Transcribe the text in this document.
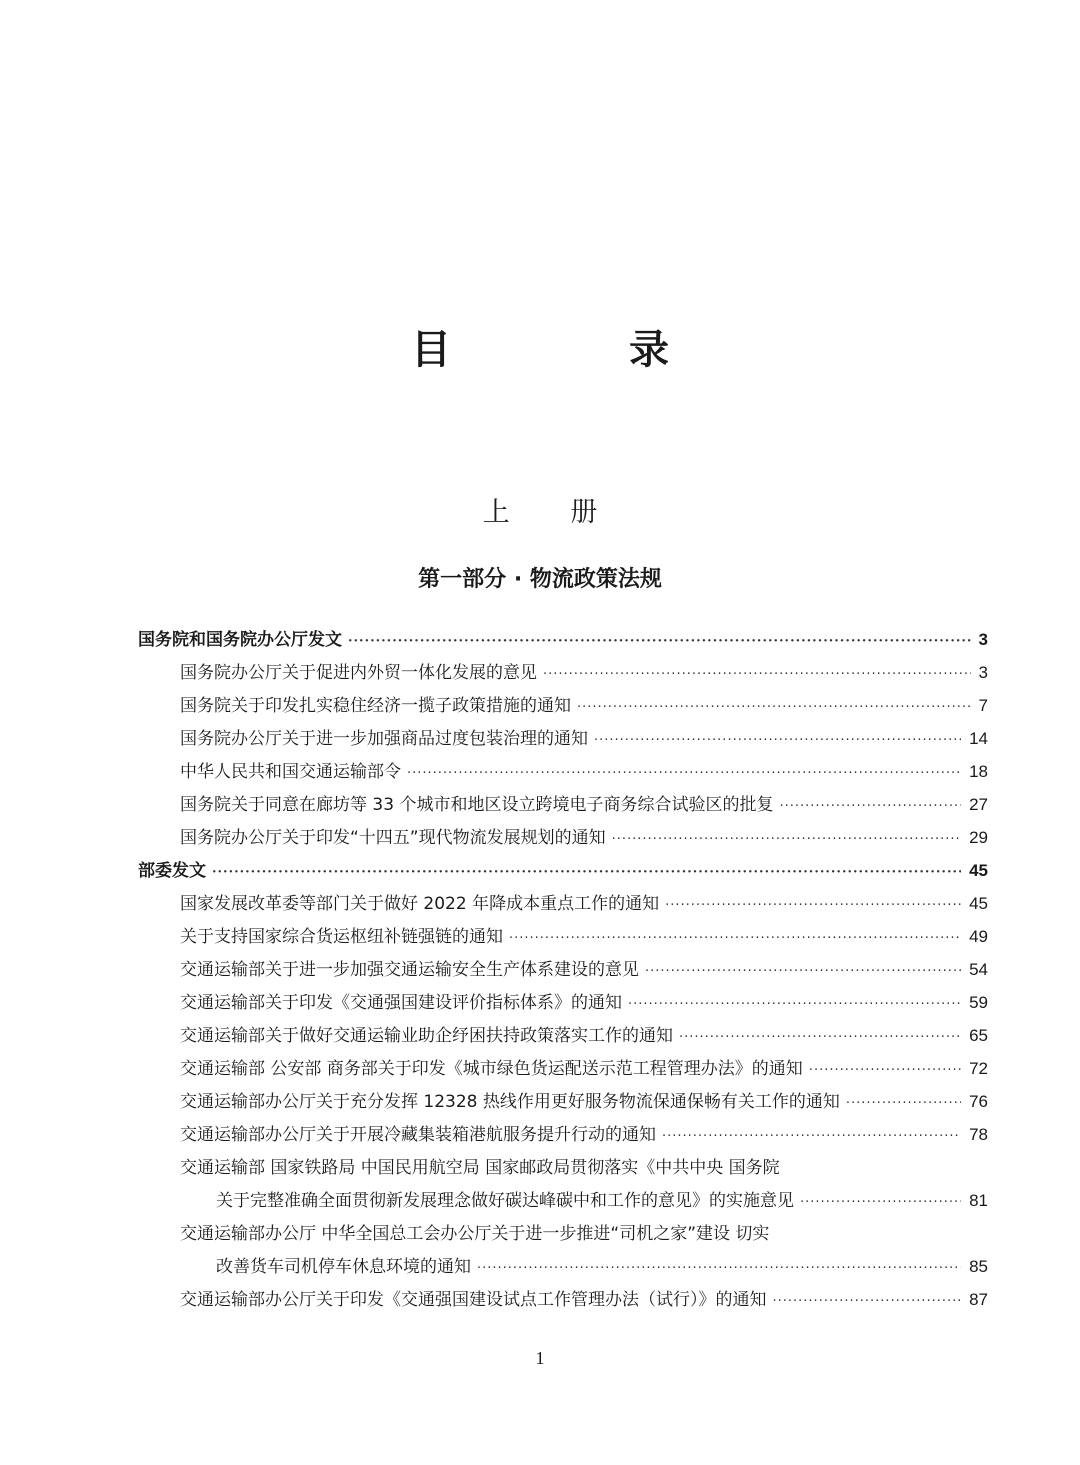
目 录
上 册
第一部分 · 物流政策法规
国务院和国务院办公厅发文 ·····	3
国务院办公厅关于促进内外贸一体化发展的意见 ·····	3
国务院关于印发扎实稳住经济一揽子政策措施的通知 ·····	7
国务院办公厅关于进一步加强商品过度包装治理的通知 ·····	14
中华人民共和国交通运输部令 ·····	18
国务院关于同意在廊坊等 33 个城市和地区设立跨境电子商务综合试验区的批复 ·····	27
国务院办公厅关于印发“十四五”现代物流发展规划的通知 ·····	29
部委发文 ·····	45
国家发展改革委等部门关于做好 2022 年降成本重点工作的通知 ·····	45
关于支持国家综合货运枢纽补链强链的通知 ·····	49
交通运输部关于进一步加强交通运输安全生产体系建设的意见 ·····	54
交通运输部关于印发《交通强国建设评价指标体系》的通知 ·····	59
交通运输部关于做好交通运输业助企纾困扶持政策落实工作的通知 ·····	65
交通运输部 公安部 商务部关于印发《城市绿色货运配送示范工程管理办法》的通知 ·····	72
交通运输部办公厅关于充分发挥 12328 热线作用更好服务物流保通保畅有关工作的通知 ·····	76
交通运输部办公厅关于开展冷藏集装箱港航服务提升行动的通知 ·····	78
交通运输部 国家铁路局 中国民用航空局 国家邮政局贯彻落实《中共中央 国务院
关于完整准确全面贯彻新发展理念做好碳达峰碳中和工作的意见》的实施意见 ·····	81
交通运输部办公厅 中华全国总工会办公厅关于进一步推进“司机之家”建设 切实
改善货车司机停车休息环境的通知 ·····	85
交通运输部办公厅关于印发《交通强国建设试点工作管理办法（试行）》的通知 ·····	87
1
